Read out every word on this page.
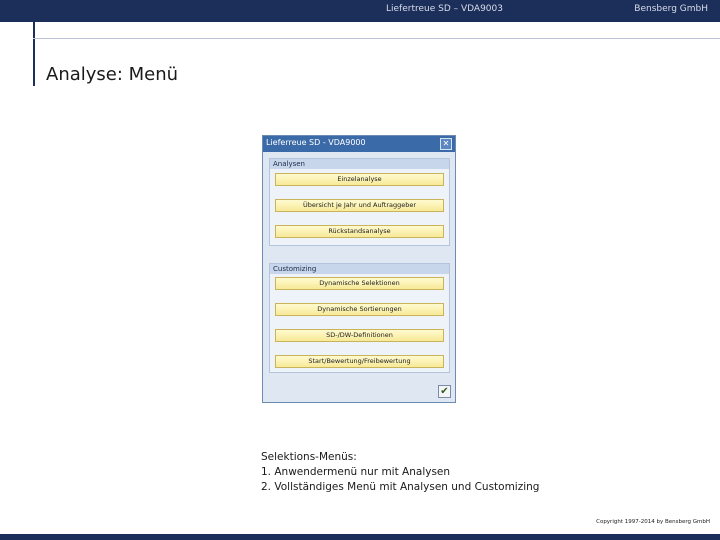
Liefertreue SD – VDA9003	Bensberg GmbH
Analyse: Menü
Lieferreue SD - VDA9000	✕
Analysen
Einzelanalyse
Übersicht je Jahr und Auftraggeber
Rückstandsanalyse
Customizing
Dynamische Selektionen
Dynamische Sortierungen
SD-/DW-Definitionen
Start/Bewertung/Freibewertung
✔
Selektions-Menüs:
1. Anwendermenü nur mit Analysen
2. Vollständiges Menü mit Analysen und Customizing
Copyright 1997-2014 by Bensberg GmbH
